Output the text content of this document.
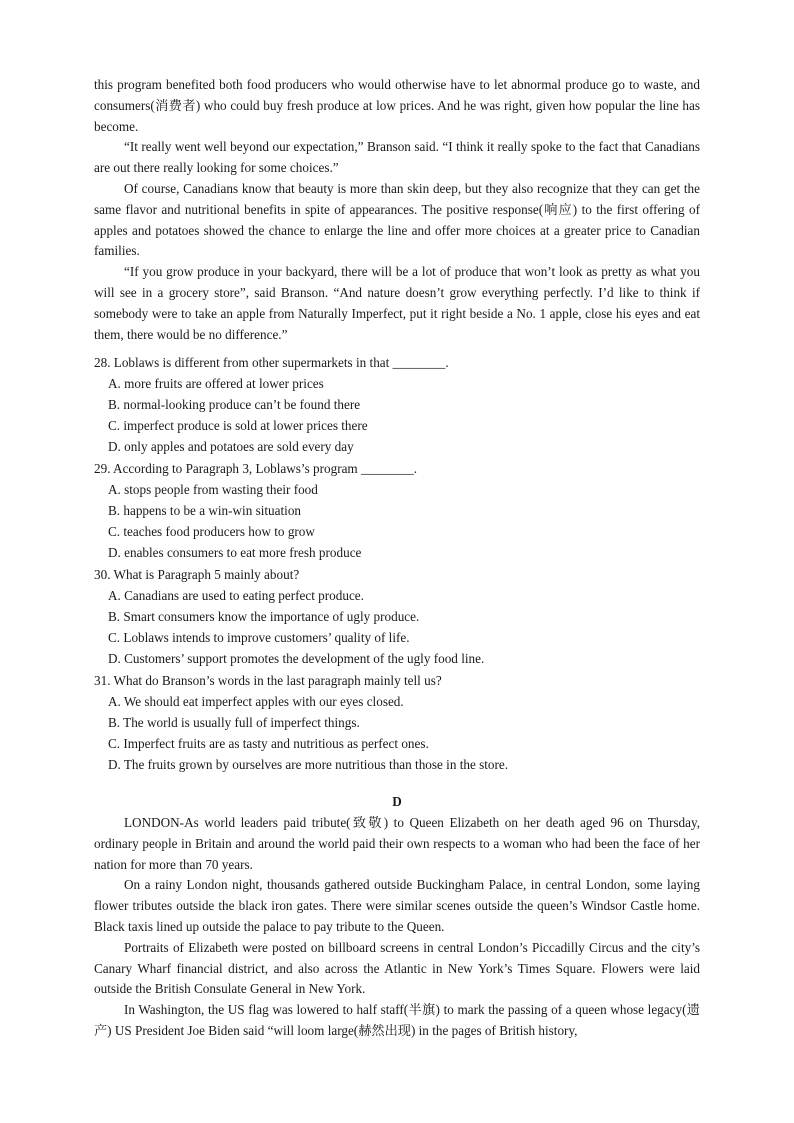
this program benefited both food producers who would otherwise have to let abnormal produce go to waste, and consumers(消费者) who could buy fresh produce at low prices. And he was right, given how popular the line has become.

“It really went well beyond our expectation,” Branson said. “I think it really spoke to the fact that Canadians are out there really looking for some choices.”

Of course, Canadians know that beauty is more than skin deep, but they also recognize that they can get the same flavor and nutritional benefits in spite of appearances. The positive response(响应) to the first offering of apples and potatoes showed the chance to enlarge the line and offer more choices at a greater price to Canadian families.

“If you grow produce in your backyard, there will be a lot of produce that won’t look as pretty as what you will see in a grocery store”, said Branson. “And nature doesn’t grow everything perfectly. I’d like to think if somebody were to take an apple from Naturally Imperfect, put it right beside a No. 1 apple, close his eyes and eat them, there would be no difference.”

28. Loblaws is different from other supermarkets in that ________.
A. more fruits are offered at lower prices
B. normal-looking produce can’t be found there
C. imperfect produce is sold at lower prices there
D. only apples and potatoes are sold every day
29. According to Paragraph 3, Loblaws’s program ________.
A. stops people from wasting their food
B. happens to be a win-win situation
C. teaches food producers how to grow
D. enables consumers to eat more fresh produce
30. What is Paragraph 5 mainly about?
A. Canadians are used to eating perfect produce.
B. Smart consumers know the importance of ugly produce.
C. Loblaws intends to improve customers’ quality of life.
D. Customers’ support promotes the development of the ugly food line.
31. What do Branson’s words in the last paragraph mainly tell us?
A. We should eat imperfect apples with our eyes closed.
B. The world is usually full of imperfect things.
C. Imperfect fruits are as tasty and nutritious as perfect ones.
D. The fruits grown by ourselves are more nutritious than those in the store.
D

LONDON-As world leaders paid tribute(致敬) to Queen Elizabeth on her death aged 96 on Thursday, ordinary people in Britain and around the world paid their own respects to a woman who had been the face of her nation for more than 70 years.

On a rainy London night, thousands gathered outside Buckingham Palace, in central London, some laying flower tributes outside the black iron gates. There were similar scenes outside the queen’s Windsor Castle home. Black taxis lined up outside the palace to pay tribute to the Queen.

Portraits of Elizabeth were posted on billboard screens in central London’s Piccadilly Circus and the city’s Canary Wharf financial district, and also across the Atlantic in New York’s Times Square. Flowers were laid outside the British Consulate General in New York.

In Washington, the US flag was lowered to half staff(半旗) to mark the passing of a queen whose legacy(遗产) US President Joe Biden said “will loom large(赫然出现) in the pages of British history,
